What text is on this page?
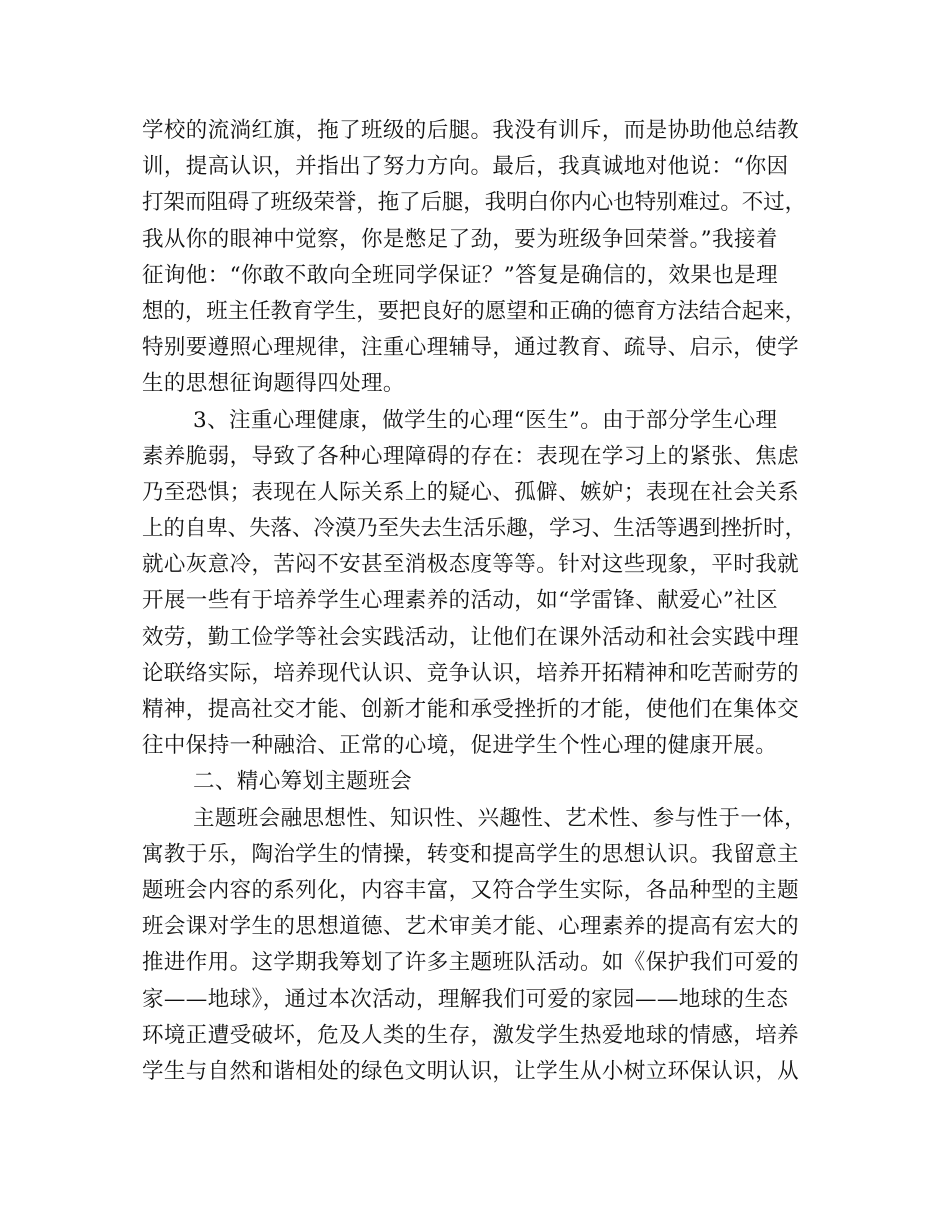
学校的流淌红旗，拖了班级的后腿。我没有训斥，而是协助他总结教
训，提高认识，并指出了努力方向。最后，我真诚地对他说：“你因
打架而阻碍了班级荣誉，拖了后腿，我明白你内心也特别难过。不过，
我从你的眼神中觉察，你是憋足了劲，要为班级争回荣誉。”我接着
征询他：“你敢不敢向全班同学保证？”答复是确信的，效果也是理
想的，班主任教育学生，要把良好的愿望和正确的德育方法结合起来，
特别要遵照心理规律，注重心理辅导，通过教育、疏导、启示，使学
生的思想征询题得四处理。
3、注重心理健康，做学生的心理“医生”。由于部分学生心理
素养脆弱，导致了各种心理障碍的存在：表现在学习上的紧张、焦虑
乃至恐惧；表现在人际关系上的疑心、孤僻、嫉妒；表现在社会关系
上的自卑、失落、冷漠乃至失去生活乐趣，学习、生活等遇到挫折时，
就心灰意冷，苦闷不安甚至消极态度等等。针对这些现象，平时我就
开展一些有于培养学生心理素养的活动，如“学雷锋、献爱心”社区
效劳，勤工俭学等社会实践活动，让他们在课外活动和社会实践中理
论联络实际，培养现代认识、竞争认识，培养开拓精神和吃苦耐劳的
精神，提高社交才能、创新才能和承受挫折的才能，使他们在集体交
往中保持一种融洽、正常的心境，促进学生个性心理的健康开展。
二、精心筹划主题班会
主题班会融思想性、知识性、兴趣性、艺术性、参与性于一体，
寓教于乐，陶治学生的情操，转变和提高学生的思想认识。我留意主
题班会内容的系列化，内容丰富，又符合学生实际，各品种型的主题
班会课对学生的思想道德、艺术审美才能、心理素养的提高有宏大的
推进作用。这学期我筹划了许多主题班队活动。如《保护我们可爱的
家——地球》，通过本次活动，理解我们可爱的家园——地球的生态
环境正遭受破坏，危及人类的生存，激发学生热爱地球的情感，培养
学生与自然和谐相处的绿色文明认识，让学生从小树立环保认识，从
